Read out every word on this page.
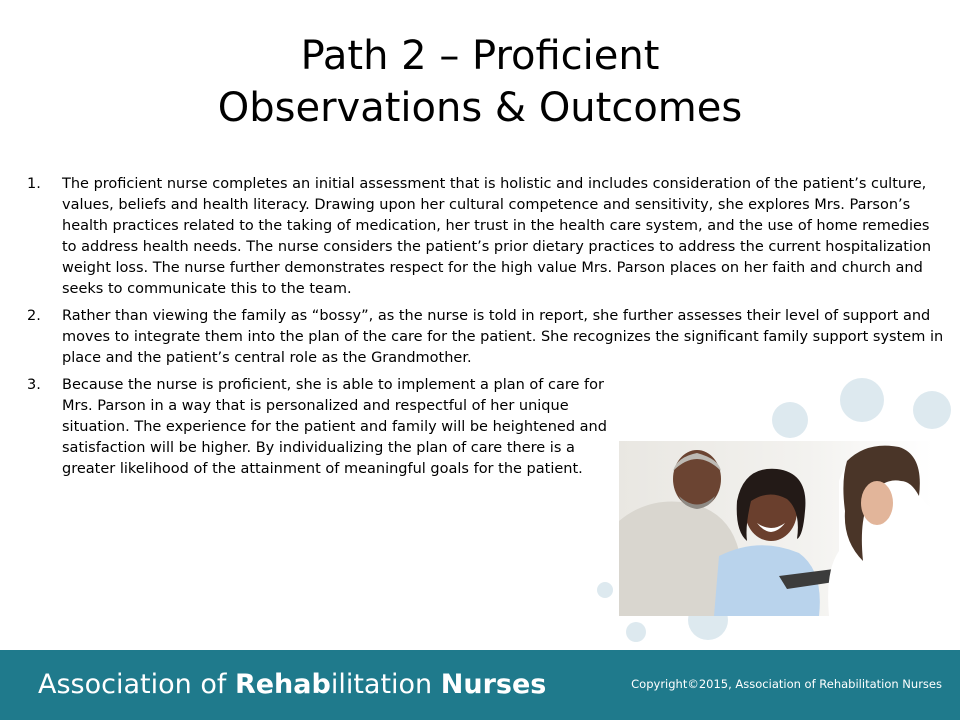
Path 2 – Proficient
Observations & Outcomes
1. The proficient nurse completes an initial assessment that is holistic and includes consideration of the patient’s culture, values, beliefs and health literacy. Drawing upon her cultural competence and sensitivity, she explores Mrs. Parson’s health practices related to the taking of medication, her trust in the health care system, and the use of home remedies to address health needs. The nurse considers the patient’s prior dietary practices to address the current hospitalization weight loss. The nurse further demonstrates respect for the high value Mrs. Parson places on her faith and church and seeks to communicate this to the team.
2. Rather than viewing the family as “bossy”, as the nurse is told in report, she further assesses their level of support and moves to integrate them into the plan of the care for the patient. She recognizes the significant family support system in place and the patient’s central role as the Grandmother.
3. Because the nurse is proficient, she is able to implement a plan of care for Mrs. Parson in a way that is personalized and respectful of her unique situation. The experience for the patient and family will be heightened and satisfaction will be higher. By individualizing the plan of care there is a greater likelihood of the attainment of meaningful goals for the patient.
Association of Rehabilitation Nurses	Copyright©2015, Association of Rehabilitation Nurses
